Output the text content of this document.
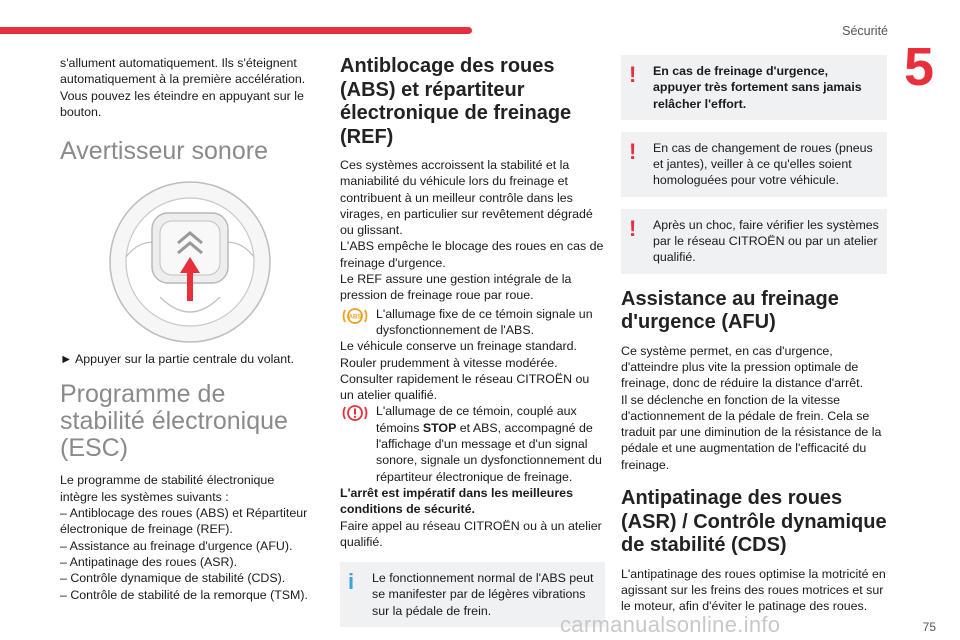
Sécurité
5

s'allument automatiquement. Ils s'éteignent automatiquement à la première accélération. Vous pouvez les éteindre en appuyant sur le bouton.

Avertisseur sonore

► Appuyer sur la partie centrale du volant.

Programme de stabilité électronique (ESC)

Le programme de stabilité électronique intègre les systèmes suivants :
– Antiblocage des roues (ABS) et Répartiteur électronique de freinage (REF).
– Assistance au freinage d'urgence (AFU).
– Antipatinage des roues (ASR).
– Contrôle dynamique de stabilité (CDS).
– Contrôle de stabilité de la remorque (TSM).

Antiblocage des roues (ABS) et répartiteur électronique de freinage (REF)

Ces systèmes accroissent la stabilité et la maniabilité du véhicule lors du freinage et contribuent à un meilleur contrôle dans les virages, en particulier sur revêtement dégradé ou glissant.
L'ABS empêche le blocage des roues en cas de freinage d'urgence.
Le REF assure une gestion intégrale de la pression de freinage roue par roue.

ABS L'allumage fixe de ce témoin signale un dysfonctionnement de l'ABS.

Le véhicule conserve un freinage standard.
Rouler prudemment à vitesse modérée.
Consulter rapidement le réseau CITROËN ou un atelier qualifié.

L'allumage de ce témoin, couplé aux témoins STOP et ABS, accompagné de l'affichage d'un message et d'un signal sonore, signale un dysfonctionnement du répartiteur électronique de freinage.

L'arrêt est impératif dans les meilleures conditions de sécurité.

Faire appel au réseau CITROËN ou à un atelier qualifié.

i	Le fonctionnement normal de l'ABS peut se manifester par de légères vibrations sur la pédale de frein.
!	En cas de freinage d'urgence, appuyer très fortement sans jamais relâcher l'effort.
!	En cas de changement de roues (pneus et jantes), veiller à ce qu'elles soient homologuées pour votre véhicule.
!	Après un choc, faire vérifier les systèmes par le réseau CITROËN ou par un atelier qualifié.
Assistance au freinage d'urgence (AFU)

Ce système permet, en cas d'urgence, d'atteindre plus vite la pression optimale de freinage, donc de réduire la distance d'arrêt.
Il se déclenche en fonction de la vitesse d'actionnement de la pédale de frein. Cela se traduit par une diminution de la résistance de la pédale et une augmentation de l'efficacité du freinage.

Antipatinage des roues (ASR) / Contrôle dynamique de stabilité (CDS)

L'antipatinage des roues optimise la motricité en agissant sur les freins des roues motrices et sur le moteur, afin d'éviter le patinage des roues.

carmanualsonline.info	75
